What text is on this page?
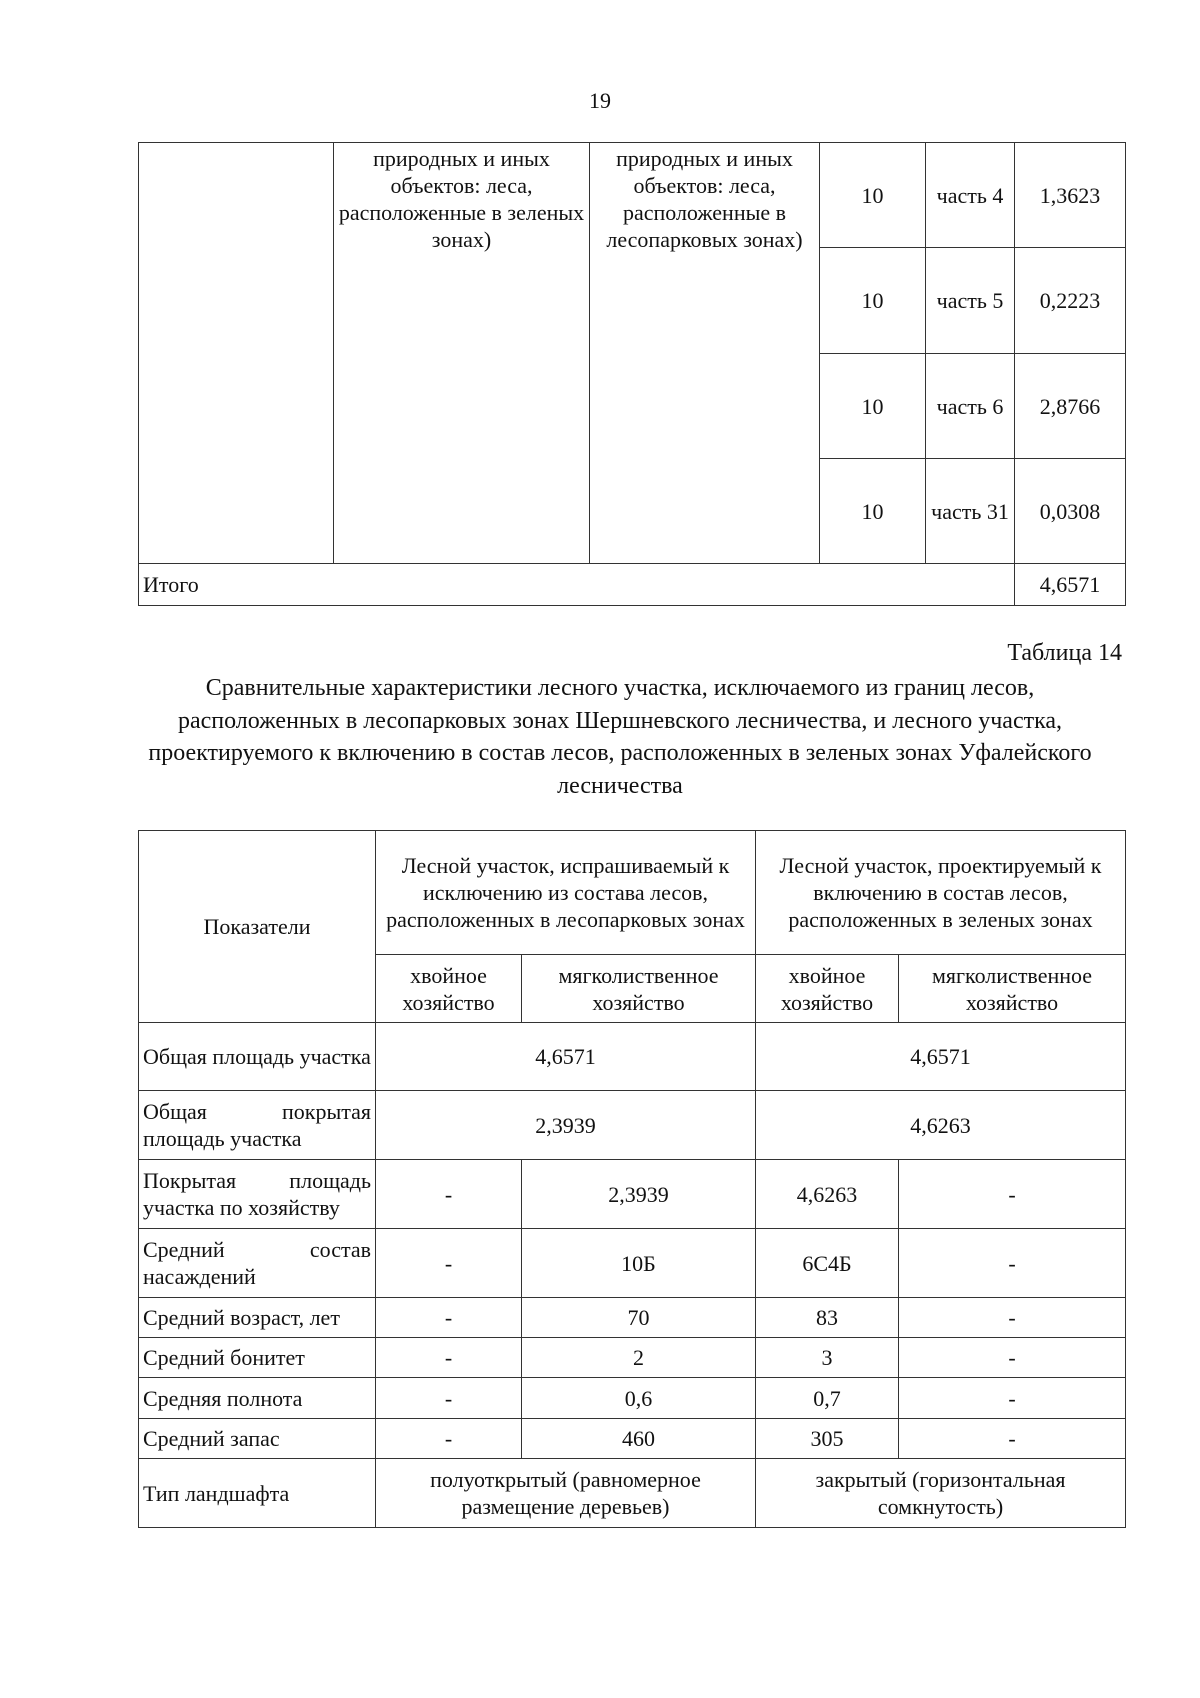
19
	природных и иных объектов: леса, расположенные в зеленых зонах)	природных и иных объектов: леса, расположенные в лесопарковых зонах)	10	часть 4	1,3623
			10	часть 5	0,2223
			10	часть 6	2,8766
			10	часть 31	0,0308
Итого					4,6571
Таблица 14
Сравнительные характеристики лесного участка, исключаемого из границ лесов, расположенных в лесопарковых зонах Шершневского лесничества, и лесного участка, проектируемого к включению в состав лесов, расположенных в зеленых зонах Уфалейского лесничества
Показатели	Лесной участок, испрашиваемый к исключению из состава лесов, расположенных в лесопарковых зонах		Лесной участок, проектируемый к включению в состав лесов, расположенных в зеленых зонах	
	хвойное хозяйство	мягколиственное хозяйство	хвойное хозяйство	мягколиственное хозяйство
Общая площадь участка	4,6571		4,6571	
Общая покрытая площадь участка	2,3939		4,6263	
Покрытая площадь участка по хозяйству	-	2,3939	4,6263	-
Средний состав насаждений	-	10Б	6С4Б	-
Средний возраст, лет	-	70	83	-
Средний бонитет	-	2	3	-
Средняя полнота	-	0,6	0,7	-
Средний запас	-	460	305	-
Тип ландшафта	полуоткрытый (равномерное размещение деревьев)		закрытый (горизонтальная сомкнутость)	
